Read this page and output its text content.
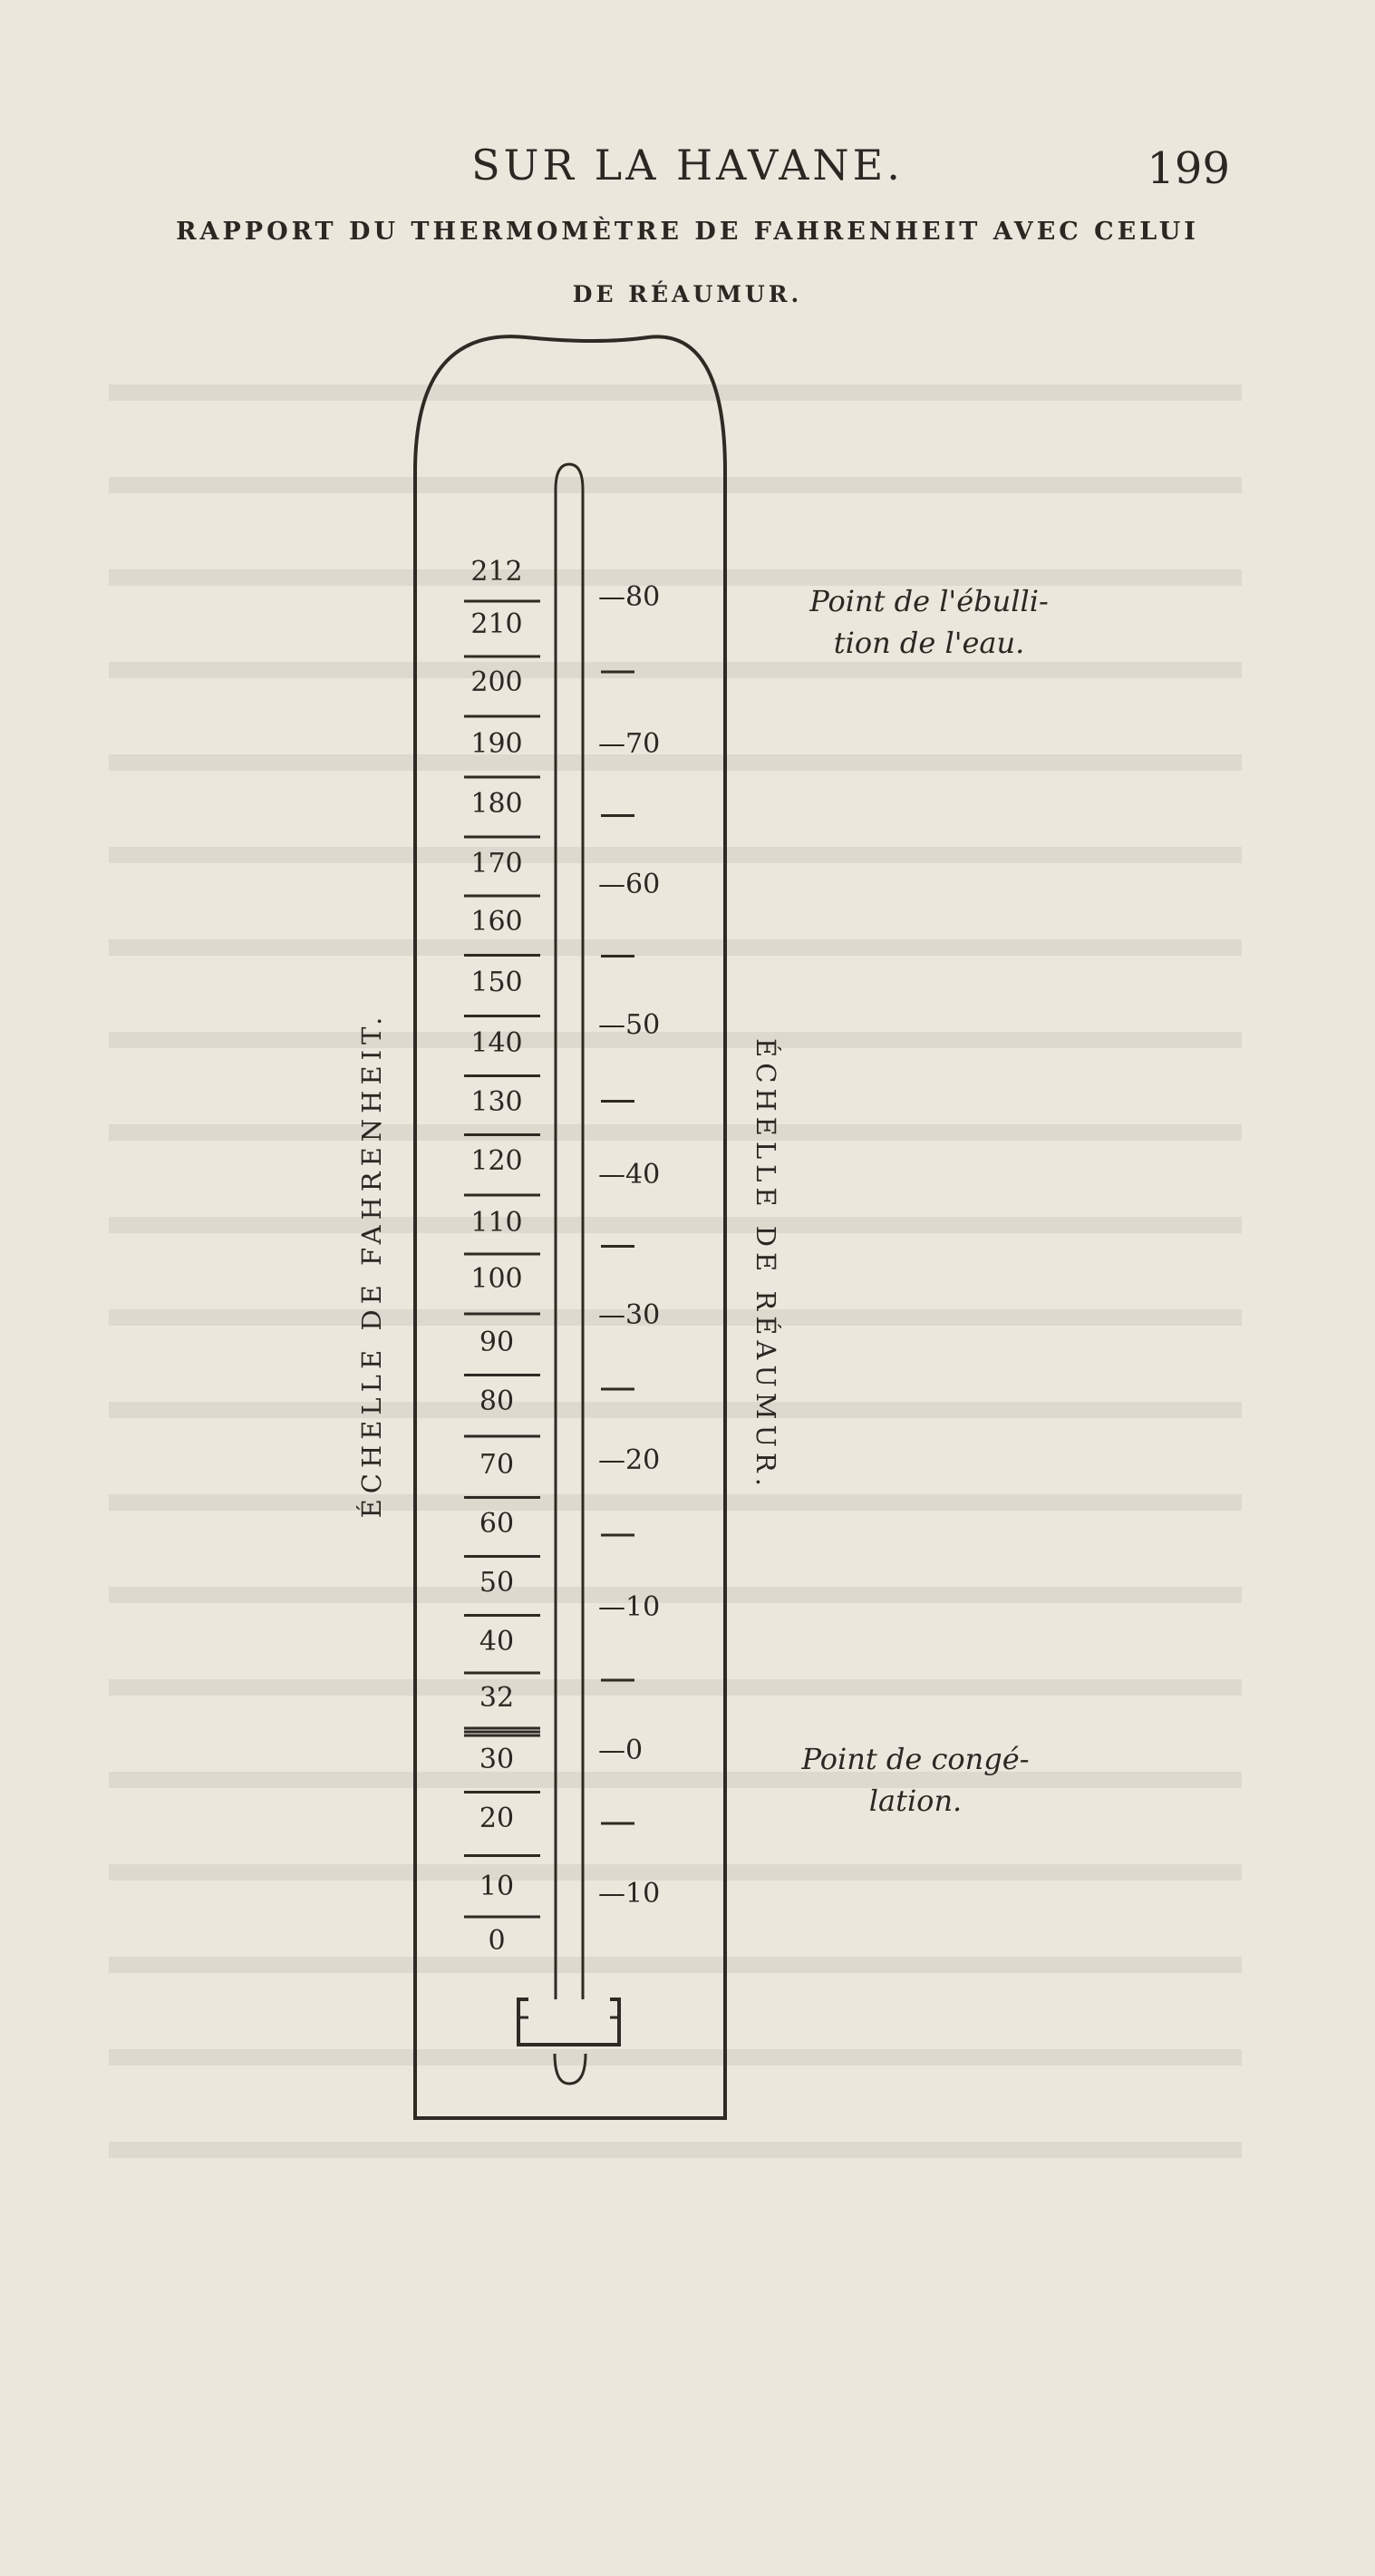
SUR LA HAVANE.	199
RAPPORT DU THERMOMÈTRE DE FAHRENHEIT AVEC CELUI
DE RÉAUMUR.
212
210
200
190
180
170
160
150
140
130
120
110
100
90
80
70
60
50
40
32
30
20
10
0
—80
—70
—60
—50
—40
—30
—20
—10
—0
—10
ÉCHELLE DE FAHRENHEIT.	ÉCHELLE DE RÉAUMUR.
Point de l'ébulli-
tion de l'eau.
Point de congé-
lation.
